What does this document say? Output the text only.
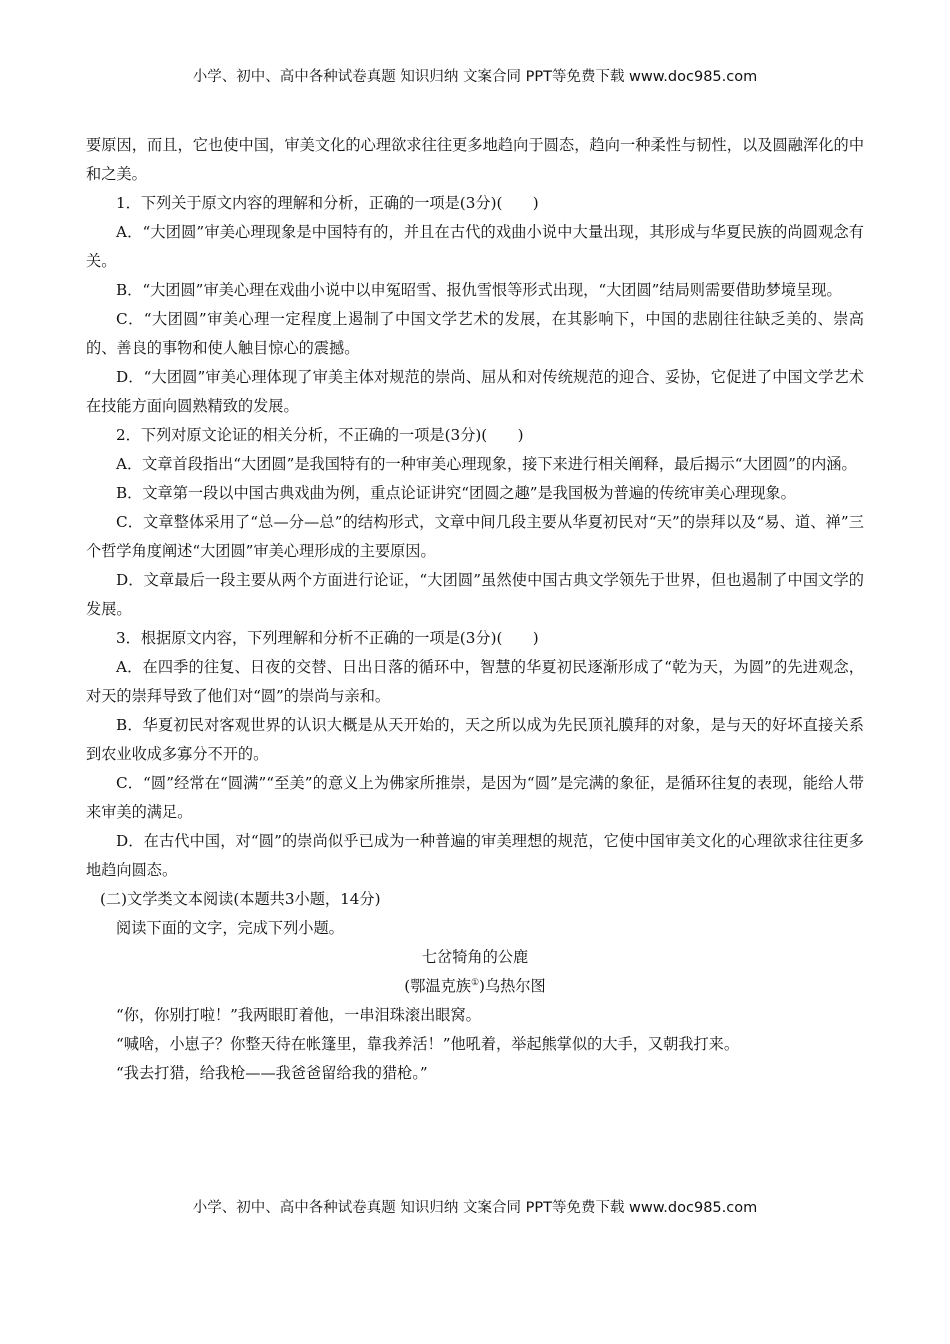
小学、初中、高中各种试卷真题 知识归纳 文案合同 PPT等免费下载 www.doc985.com

要原因，而且，它也使中国，审美文化的心理欲求往往更多地趋向于圆态，趋向一种柔性与韧性，以及圆融浑化的中和之美。

1．下列关于原文内容的理解和分析，正确的一项是(3分)(　　)

A．“大团圆”审美心理现象是中国特有的，并且在古代的戏曲小说中大量出现，其形成与华夏民族的尚圆观念有关。

B．“大团圆”审美心理在戏曲小说中以申冤昭雪、报仇雪恨等形式出现，“大团圆”结局则需要借助梦境呈现。

C．“大团圆”审美心理一定程度上遏制了中国文学艺术的发展，在其影响下，中国的悲剧往往缺乏美的、崇高的、善良的事物和使人触目惊心的震撼。

D．“大团圆”审美心理体现了审美主体对规范的崇尚、屈从和对传统规范的迎合、妥协，它促进了中国文学艺术在技能方面向圆熟精致的发展。

2．下列对原文论证的相关分析，不正确的一项是(3分)(　　)

A．文章首段指出“大团圆”是我国特有的一种审美心理现象，接下来进行相关阐释，最后揭示“大团圆”的内涵。

B．文章第一段以中国古典戏曲为例，重点论证讲究“团圆之趣”是我国极为普遍的传统审美心理现象。

C．文章整体采用了“总—分—总”的结构形式，文章中间几段主要从华夏初民对“天”的崇拜以及“易、道、禅”三个哲学角度阐述“大团圆”审美心理形成的主要原因。

D．文章最后一段主要从两个方面进行论证，“大团圆”虽然使中国古典文学领先于世界，但也遏制了中国文学的发展。

3．根据原文内容，下列理解和分析不正确的一项是(3分)(　　)

A．在四季的往复、日夜的交替、日出日落的循环中，智慧的华夏初民逐渐形成了“乾为天，为圆”的先进观念，对天的崇拜导致了他们对“圆”的崇尚与亲和。

B．华夏初民对客观世界的认识大概是从天开始的，天之所以成为先民顶礼膜拜的对象，是与天的好坏直接关系到农业收成多寡分不开的。

C．“圆”经常在“圆满”“至美”的意义上为佛家所推崇，是因为“圆”是完满的象征，是循环往复的表现，能给人带来审美的满足。

D．在古代中国，对“圆”的崇尚似乎已成为一种普遍的审美理想的规范，它使中国审美文化的心理欲求往往更多地趋向圆态。

(二)文学类文本阅读(本题共3小题，14分)

阅读下面的文字，完成下列小题。

七岔犄角的公鹿

(鄂温克族①)乌热尔图

“你，你别打啦！”我两眼盯着他，一串泪珠滚出眼窝。

“喊啥，小崽子？你整天待在帐篷里，靠我养活！”他吼着，举起熊掌似的大手，又朝我打来。

“我去打猎，给我枪——我爸爸留给我的猎枪。”

小学、初中、高中各种试卷真题 知识归纳 文案合同 PPT等免费下载 www.doc985.com
